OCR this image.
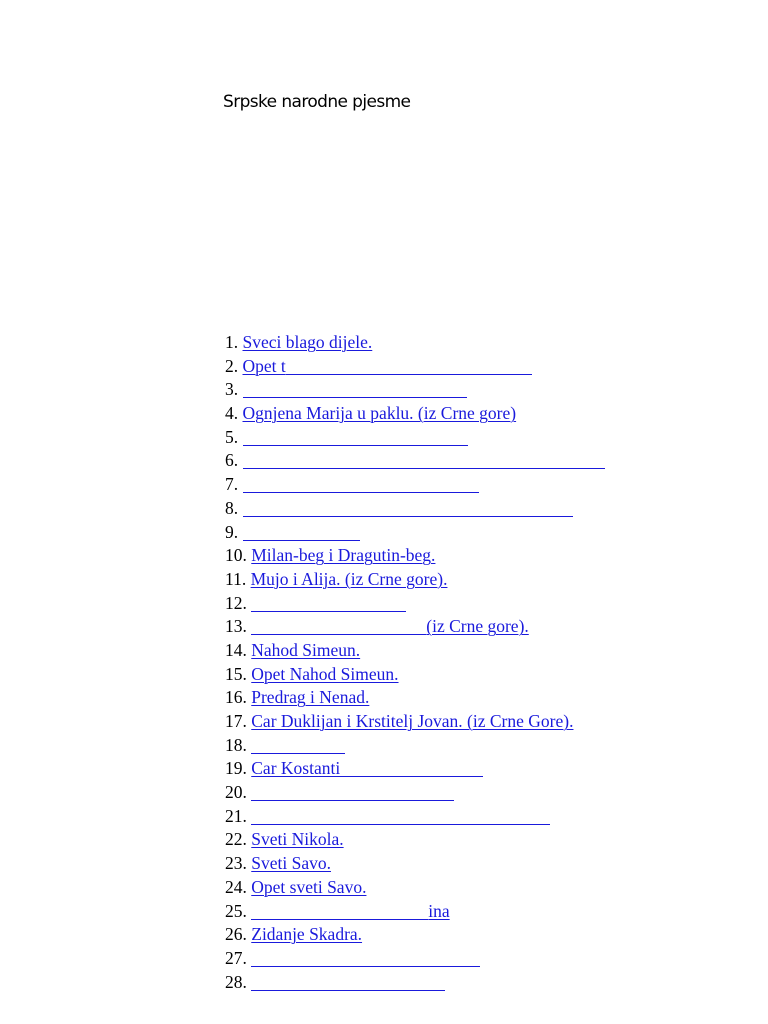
Srpske narodne pjesme
1. Sveci blago dijele.
2. Opet t
3.
4. Ognjena Marija u paklu. (iz Crne gore)
5.
6.
7.
8.
9.
10. Milan-beg i Dragutin-beg.
11. Mujo i Alija. (iz Crne gore).
12.
13.	(iz Crne gore).
14. Nahod Simeun.
15. Opet Nahod Simeun.
16. Predrag i Nenad.
17. Car Duklijan i Krstitelj Jovan. (iz Crne Gore).
18.
19. Car Kostanti
20.
21.
22. Sveti Nikola.
23. Sveti Savo.
24. Opet sveti Savo.
25.	ina
26. Zidanje Skadra.
27.
28.
